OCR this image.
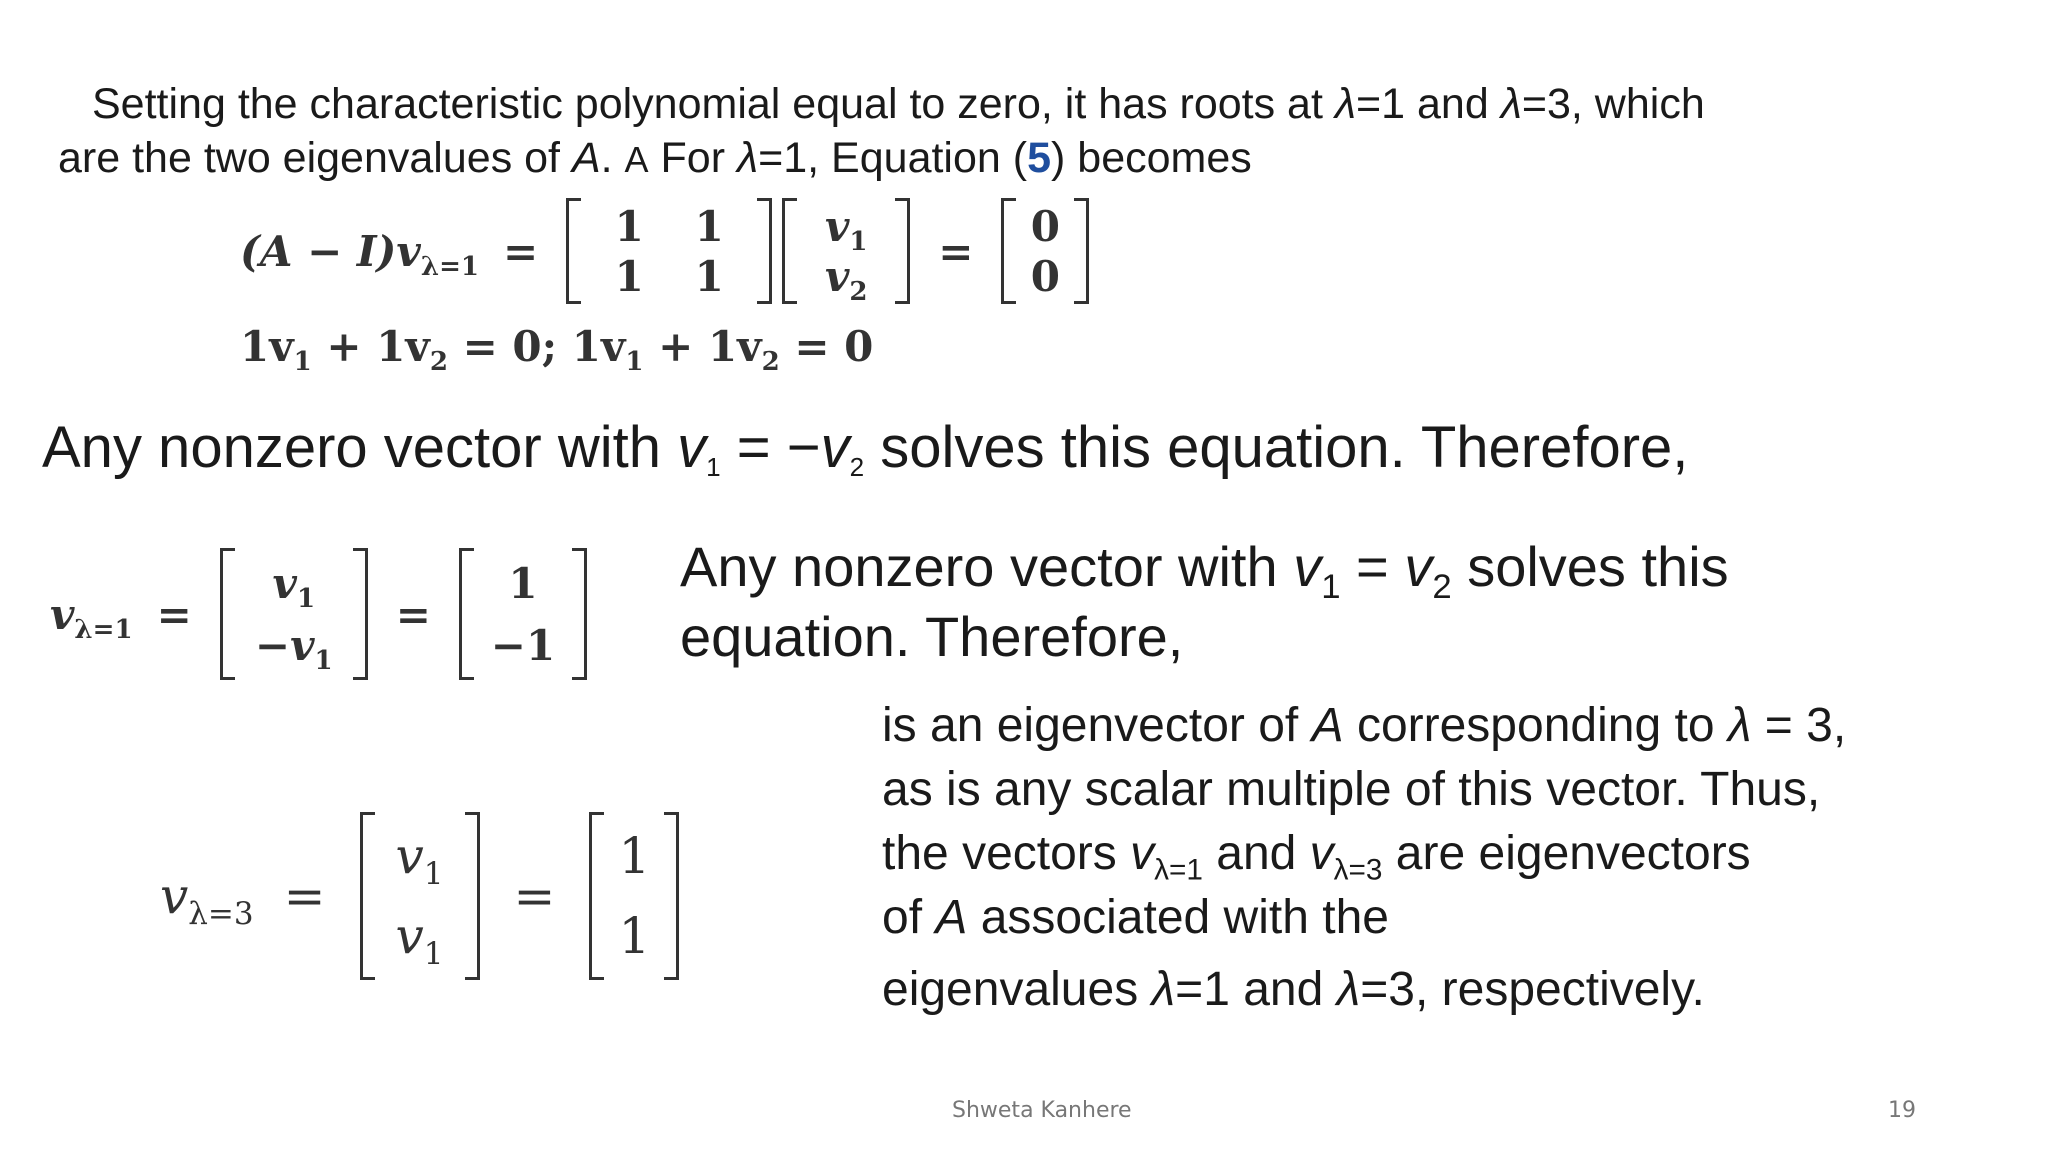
Setting the characteristic polynomial equal to zero, it has roots at λ=1 and λ=3, which
are the two eigenvalues of A. A For λ=1, Equation (5) becomes
$(A - I)v_{\lambda=1}$ =
1 1
1 1
$v_1$
$v_2$
=
0
0
$1v_1 + 1v_2 = 0$; $1v_1 + 1v_2 = 0$
Any nonzero vector with $v_1 = -v_2$ solves this equation. Therefore,
$v_{\lambda=1}$ =
$v_1$
$-v_1$
=
1
−1
Any nonzero vector with $v_1 = v_2$ solves this
equation. Therefore,
$v_{\lambda=3}$ =
$v_1$
$v_1$
=
1
1
is an eigenvector of A corresponding to λ = 3,
as is any scalar multiple of this vector. Thus,
the vectors $v_{\lambda=1}$ and $v_{\lambda=3}$ are eigenvectors
of A associated with the
eigenvalues λ=1 and λ=3, respectively.
Shweta Kanhere	19
